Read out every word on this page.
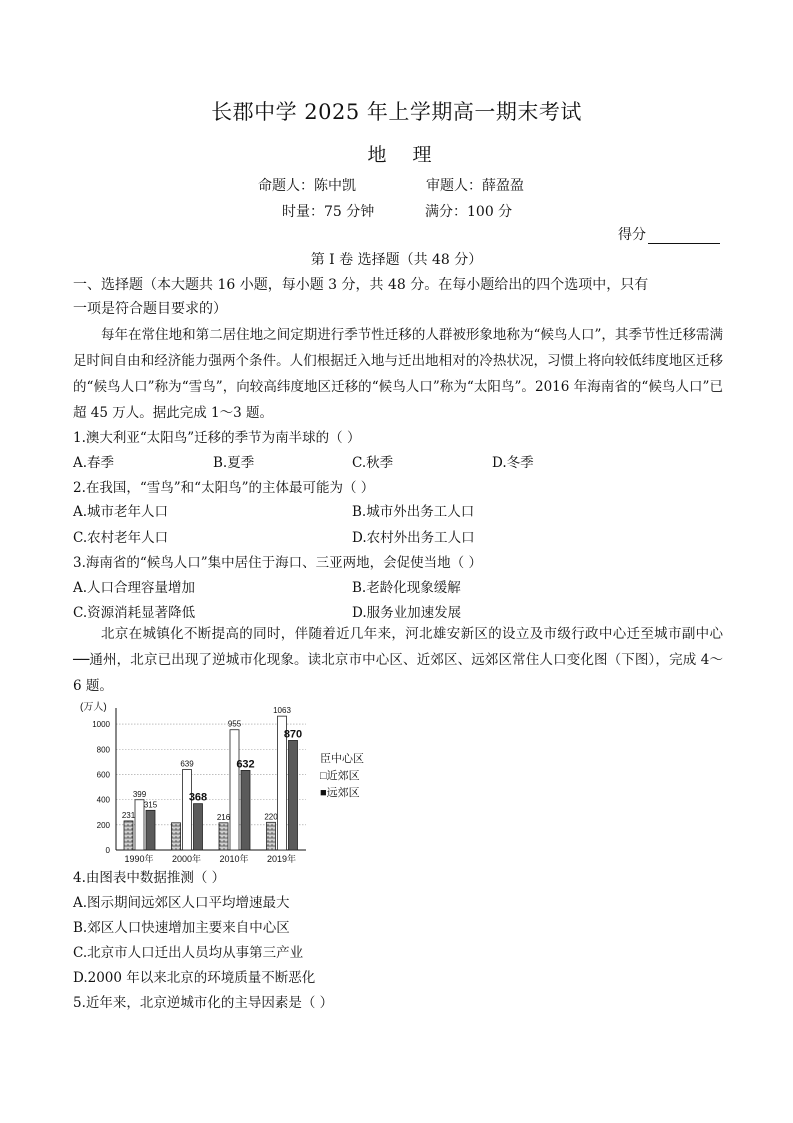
长郡中学 2025 年上学期高一期末考试
地 理
命题人：陈中凯	审题人：薛盈盈
时量：75 分钟	满分：100 分
得分
第 I 卷 选择题（共 48 分）
一、选择题（本大题共 16 小题，每小题 3 分，共 48 分。在每小题给出的四个选项中，只有
一项是符合题目要求的）
每年在常住地和第二居住地之间定期进行季节性迁移的人群被形象地称为“候鸟人口”，其季节性迁移需满足时间自由和经济能力强两个条件。人们根据迁入地与迁出地相对的冷热状况，习惯上将向较低纬度地区迁移的“候鸟人口”称为“雪鸟”，向较高纬度地区迁移的“候鸟人口”称为“太阳鸟”。2016 年海南省的“候鸟人口”已超 45 万人。据此完成 1～3 题。
1.澳大利亚“太阳鸟”迁移的季节为南半球的（ ）
A.春季	B.夏季	C.秋季	D.冬季
2.在我国，“雪鸟”和“太阳鸟”的主体最可能为（ ）
A.城市老年人口	B.城市外出务工人口
C.农村老年人口	D.农村外出务工人口
3.海南省的“候鸟人口”集中居住于海口、三亚两地，会促使当地（ ）
A.人口合理容量增加	B.老龄化现象缓解
C.资源消耗显著降低	D.服务业加速发展
北京在城镇化不断提高的同时，伴随着近几年来，河北雄安新区的设立及市级行政中心迁至城市副中心──通州，北京已出现了逆城市化现象。读北京市中心区、近郊区、远郊区常住人口变化图（下图），完成 4～6 题。
(万人)
0
200
400
600
800
1000
231
399
315
1990年
639
368
2000年
216
955
632
2010年
220
1063
870
2019年
臣中心区
□近郊区
■远郊区
4.由图表中数据推测（ ）
A.图示期间远郊区人口平均增速最大
B.郊区人口快速增加主要来自中心区
C.北京市人口迁出人员均从事第三产业
D.2000 年以来北京的环境质量不断恶化
5.近年来，北京逆城市化的主导因素是（ ）
